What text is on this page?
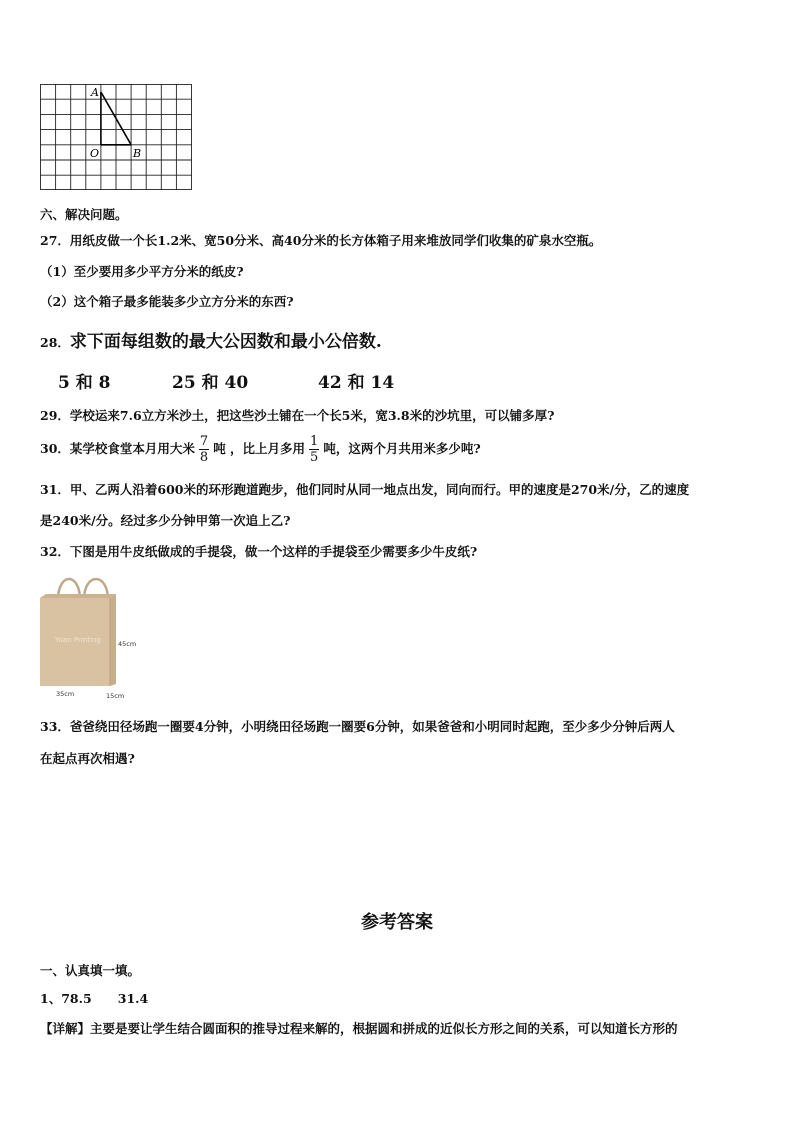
A
O	B
六、解决问题。
27．用纸皮做一个长1.2米、宽50分米、高40分米的长方体箱子用来堆放同学们收集的矿泉水空瓶。
（1）至少要用多少平方分米的纸皮?
（2）这个箱子最多能装多少立方分米的东西?
28．求下面每组数的最大公因数和最小公倍数.
5 和 8	25 和 40	42 和 14
29．学校运来7.6立方米沙土，把这些沙土铺在一个长5米，宽3.8米的沙坑里，可以铺多厚?
30．某学校食堂本月用大米 $\frac{7}{8}$ 吨 ，比上月多用 $\frac{1}{5}$ 吨，这两个月共用米多少吨?
31．甲、乙两人沿着600米的环形跑道跑步，他们同时从同一地点出发，同向而行。甲的速度是270米/分，乙的速度
是240米/分。经过多少分钟甲第一次追上乙?
32．下图是用牛皮纸做成的手提袋，做一个这样的手提袋至少需要多少牛皮纸?
Yuan Printing	45cm
35cm	15cm
33．爸爸绕田径场跑一圈要4分钟，小明绕田径场跑一圈要6分钟，如果爸爸和小明同时起跑，至少多少分钟后两人
在起点再次相遇?
参考答案
一、认真填一填。
1、78.5      31.4
【详解】主要是要让学生结合圆面积的推导过程来解的，根据圆和拼成的近似长方形之间的关系，可以知道长方形的
